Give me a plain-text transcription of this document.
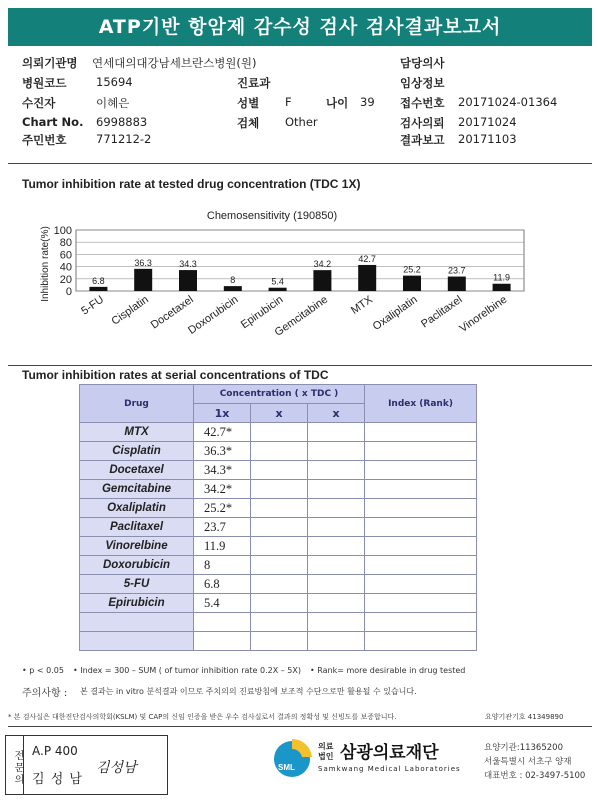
ATP기반 항암제 감수성 검사 검사결과보고서
의뢰기관명 연세대의대강남세브란스병원(원)
병원코드	15694
수진자	이혜은
Chart No. 6998883
주민번호	771212-2
진료과
성별 F	나이 39
검체 Other
담당의사
임상정보
접수번호 20171024-01364
검사의뢰 20171024
결과보고 20171103
Tumor inhibition rate at tested drug concentration (TDC 1X)
Chemosensitivity (190850)
Inhibition rate(%) 0
20
40
60
80
100
6.8
5-FU
36.3
Cisplatin
34.3
Docetaxel
8
Doxorubicin
5.4
Epirubicin
34.2
Gemcitabine
42.7
MTX
25.2
Oxaliplatin
23.7
Paclitaxel
11.9
Vinorelbine
Tumor inhibition rates at serial concentrations of TDC
Drug	Concentration ( x TDC )			Index (Rank)
	1x	x	x	
MTX	42.7*			
Cisplatin	36.3*			
Docetaxel	34.3*			
Gemcitabine	34.2*			
Oxaliplatin	25.2*			
Paclitaxel	23.7			
Vinorelbine	11.9			
Doxorubicin	8			
5-FU	6.8			
Epirubicin	5.4			

• p < 0.05 • Index = 300 – SUM ( of tumor inhibition rate 0.2X – 5X) • Rank= more desirable in drug tested
주의사항 : 본 결과는 in vitro 분석결과 이므로 주치의의 진료방침에 보조적 수단으로만 활용될 수 있습니다.
* 본 검사실은 대한진단검사의학회(KSLM) 및 CAP의 신임 인증을 받은 우수 검사실로서 결과의 정확성 및 신빙도를 보증합니다.	요양기관기호 41349890
전문의 A.P 400
김 성 남
김성남	SML
의료
법인 삼광의료재단
Samkwang Medical Laboratories
요양기관:11365200
서울특별시 서초구 양재
대표번호 : 02-3497-5100
